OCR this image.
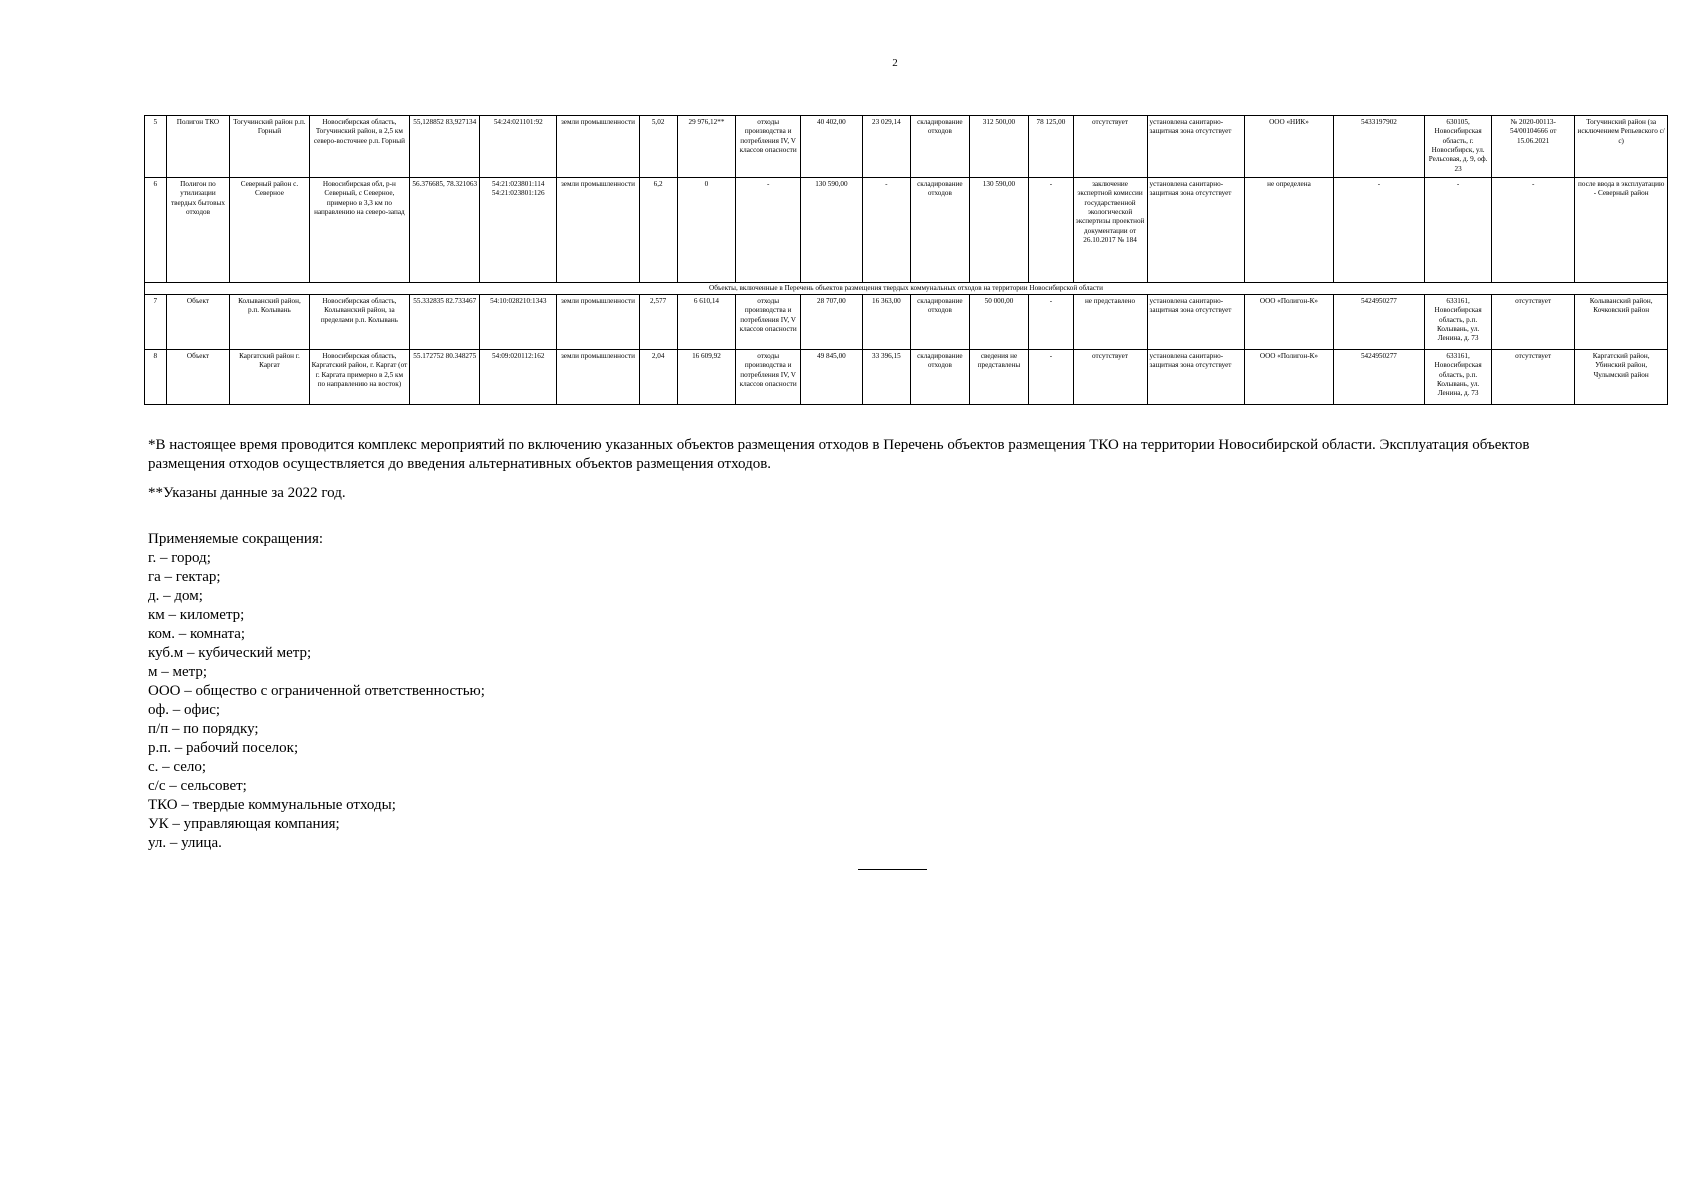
2
5	Полигон ТКО	Тогучинский район р.п. Горный	Новосибирская область, Тогучинский район, в 2,5 км северо-восточнее р.п. Горный	55,128852 83,927134	54:24:021101:92	земли промышленности	5,02	29 976,12**	отходы производства и потребления IV, V классов опасности	40 402,00	23 029,14	складирование отходов	312 500,00	78 125,00	отсутствует	установлена санитарно-защитная зона отсутствует	ООО «НИК»	5433197902	630105, Новосибирская область, г. Новосибирск, ул. Рельсовая, д. 9, оф. 23	№ 2020-00113-54/00104666 от 15.06.2021	Тогучинский район (за исключением Репьевского с/с)
6	Полигон по утилизации твердых бытовых отходов	Северный район с. Северное	Новосибирская обл, р-н Северный, с Северное, примерно в 3,3 км по направлению на северо-запад	56.376685, 78.321063	54:21:023801:114 54:21:023801:126	земли промышленности	6,2	0	-	130 590,00	-	складирование отходов	130 590,00	-	заключение экспертной комиссии государственной экологической экспертизы проектной документации от 26.10.2017 № 184	установлена санитарно-защитная зона отсутствует	не определена	-	-	-	после ввода в эксплуатацию - Северный район
Объекты, включенные в Перечень объектов размещения твердых коммунальных отходов на территории Новосибирской области																					
7	Объект	Колыванский район, р.п. Колывань	Новосибирская область, Колыванский район, за пределами р.п. Колывань	55.332835 82.733467	54:10:028210:1343	земли промышленности	2,577	6 610,14	отходы производства и потребления IV, V классов опасности	28 707,00	16 363,00	складирование отходов	50 000,00	-	не представлено	установлена санитарно-защитная зона отсутствует	ООО «Полигон-К»	5424950277	633161, Новосибирская область, р.п. Колывань, ул. Ленина, д. 73	отсутствует	Колыванский район, Кочковский район
8	Объект	Каргатский район г. Каргат	Новосибирская область, Каргатский район, г. Каргат (от г. Каргата примерно в 2,5 км по направлению на восток)	55.172752 80.348275	54:09:020112:162	земли промышленности	2,04	16 609,92	отходы производства и потребления IV, V классов опасности	49 845,00	33 396,15	складирование отходов	сведения не представлены	-	отсутствует	установлена санитарно-защитная зона отсутствует	ООО «Полигон-К»	5424950277	633161, Новосибирская область, р.п. Колывань, ул. Ленина, д. 73	отсутствует	Каргатский район, Убинский район, Чулымский район

*В настоящее время проводится комплекс мероприятий по включению указанных объектов размещения отходов в Перечень объектов размещения ТКО на территории Новосибирской области. Эксплуатация объектов размещения отходов осуществляется до введения альтернативных объектов размещения отходов.

**Указаны данные за 2022 год.

Применяемые сокращения:

г. – город;

га – гектар;

д. – дом;

км – километр;

ком. – комната;

куб.м – кубический метр;

м – метр;

ООО – общество с ограниченной ответственностью;

оф. – офис;

п/п – по порядку;

р.п. – рабочий поселок;

с. – село;

с/с – сельсовет;

ТКО – твердые коммунальные отходы;

УК – управляющая компания;

ул. – улица.
